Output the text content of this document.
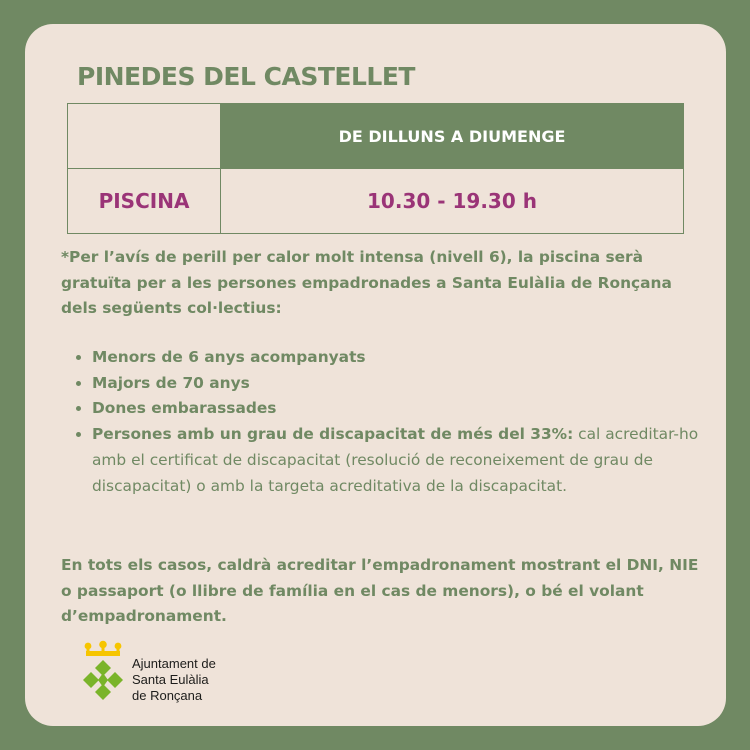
PINEDES DEL CASTELLET
	DE DILLUNS A DIUMENGE
PISCINA	10.30 - 19.30 h
*Per l’avís de perill per calor molt intensa (nivell 6), la piscina serà gratuïta per a les persones empadronades a Santa Eulàlia de Ronçana dels següents col·lectius:
• Menors de 6 anys acompanyats
• Majors de 70 anys
• Dones embarassades
• Persones amb un grau de discapacitat de més del 33%: cal acreditar-ho amb el certificat de discapacitat (resolució de reconeixement de grau de discapacitat) o amb la targeta acreditativa de la discapacitat.
En tots els casos, caldrà acreditar l’empadronament mostrant el DNI, NIE o passaport (o llibre de família en el cas de menors), o bé el volant d’empadronament.
Ajuntament de
Santa Eulàlia
de Ronçana
